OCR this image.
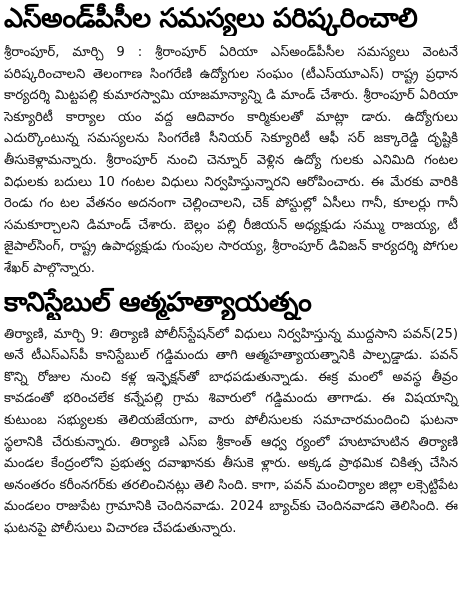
ఎస్‌అండ్‌పీసీల సమస్యలు పరిష్కరించాలి

శ్రీరాంపూర్, మార్చి 9 : శ్రీరాంపూర్ ఏరియా ఎస్‌అండ్‌పీసీల సమస్యలు వెంటనే పరిష్కరించాలని తెలంగాణ సింగరేణి ఉద్యోగుల సంఘం (టీఎస్‌యూఎస్) రాష్ట్ర ప్రధాన కార్యదర్శి మిట్టపల్లి కుమారస్వామి యాజమాన్యాన్ని డి మాండ్ చేశారు. శ్రీరాంపూర్ ఏరియా సెక్యూరిటీ కార్యాల యం వద్ద ఆదివారం కార్మికులతో మాట్లా డారు. ఉద్యోగులు ఎదుర్కొంటున్న సమస్యలను సింగరేణి సీనియర్ సెక్యూరిటీ ఆఫీ సర్ జక్కారెడ్డి దృష్టికి తీసుకెళ్లామన్నారు. శ్రీరాంపూర్ నుంచి చెన్నూర్ వెళ్లిన ఉద్యో గులకు ఎనిమిది గంటల విధులకు బదులు 10 గంటల విధులు నిర్వహిస్తున్నారని ఆరోపించారు. ఈ మేరకు వారికి రెండు గం టల వేతనం అదనంగా చెల్లించాలని, చెక్ పోస్టుల్లో ఏసీలు గానీ, కూలర్లు గానీ సమకూర్చాలని డిమాండ్ చేశారు. బెల్లం పల్లి రీజియన్ అధ్యక్షుడు సమ్ము రాజయ్య, టీ జైపాల్‌సింగ్, రాష్ట్ర ఉపాధ్యక్షుడు గుంపుల సారయ్య, శ్రీరాంపూర్ డివిజన్ కార్యదర్శి పోగుల శేఖర్ పాల్గొన్నారు.

కానిస్టేబుల్ ఆత్మహత్యాయత్నం

తిర్యాణి, మార్చి 9: తిర్యాణి పోలీస్‌స్టేషన్‌లో విధులు నిర్వహిస్తున్న ముద్దసాని పవన్(25) అనే టీఎస్ఎస్‌పీ కానిస్టేబుల్ గడ్డిమందు తాగి ఆత్మహత్యాయత్నానికి పాల్పడ్డాడు. పవన్ కొన్ని రోజుల నుంచి కళ్ల ఇన్ఫెక్షన్‌తో బాధపడుతున్నాడు. ఈక్ర మంలో అవస్థ తీవ్రం కావడంతో భరించలేక కన్నేపల్లి గ్రామ శివారులో గడ్డిమందు తాగాడు. ఈ విషయాన్ని కుటుంబ సభ్యులకు తెలియజేయగా, వారు పోలీసులకు సమాచారమందించి ఘటనా స్థలానికి చేరుకున్నారు. తిర్యాణి ఎస్ఐ శ్రీకాంత్ ఆధ్వ ర్యంలో హుటాహుటిన తిర్యాణి మండల కేంద్రంలోని ప్రభుత్వ దవాఖానకు తీసుకె ళ్లారు. అక్కడ ప్రాథమిక చికిత్స చేసిన అనంతరం కరీంనగర్‌కు తరలించినట్లు తెలి సింది. కాగా, పవన్ మంచిర్యాల జిల్లా లక్సెట్టిపేట మండలం రాజుపేట గ్రామానికి చెందినవాడు. 2024 బ్యాచ్‌కు చెందినవాడని తెలిసింది. ఈ ఘటనపై పోలీసులు విచారణ చేపడుతున్నారు.
